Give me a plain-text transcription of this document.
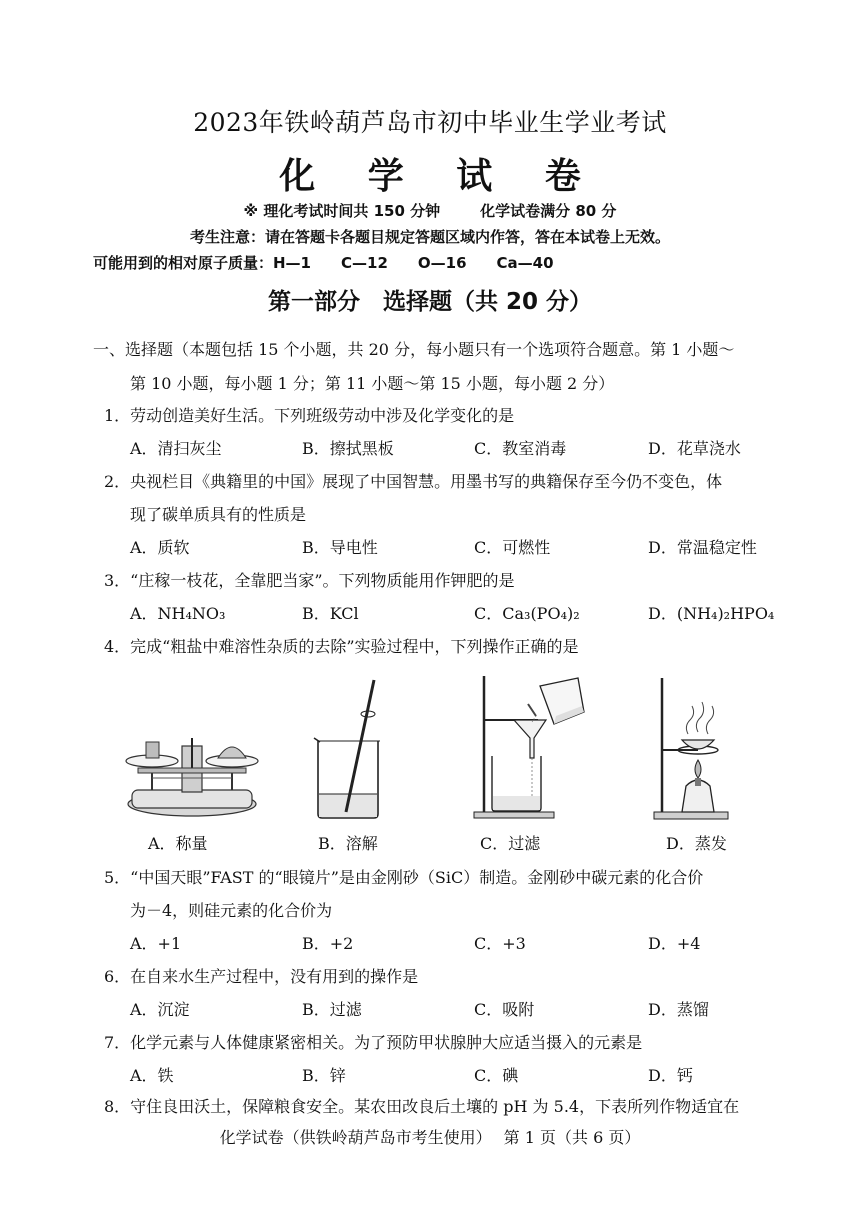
2023年铁岭葫芦岛市初中毕业生学业考试
化 学 试 卷
※ 理化考试时间共 150 分钟	化学试卷满分 80 分
考生注意：请在答题卡各题目规定答题区域内作答，答在本试卷上无效。
可能用到的相对原子质量：H—1 C—12 O—16 Ca—40
第一部分　选择题（共 20 分）
一、选择题（本题包括 15 个小题，共 20 分，每小题只有一个选项符合题意。第 1 小题～
第 10 小题，每小题 1 分；第 11 小题～第 15 小题，每小题 2 分）
1．劳动创造美好生活。下列班级劳动中涉及化学变化的是
A．清扫灰尘	B．擦拭黑板	C．教室消毒	D．花草浇水
2．央视栏目《典籍里的中国》展现了中国智慧。用墨书写的典籍保存至今仍不变色，体
现了碳单质具有的性质是
A．质软	B．导电性	C．可燃性	D．常温稳定性
3．“庄稼一枝花，全靠肥当家”。下列物质能用作钾肥的是
A．NH₄NO₃	B．KCl	C．Ca₃(PO₄)₂	D．(NH₄)₂HPO₄
4．完成“粗盐中难溶性杂质的去除”实验过程中，下列操作正确的是
A．称量	B．溶解	C．过滤	D．蒸发
5．“中国天眼”FAST 的“眼镜片”是由金刚砂（SiC）制造。金刚砂中碳元素的化合价
为－4，则硅元素的化合价为
A．+1	B．+2	C．+3	D．+4
6．在自来水生产过程中，没有用到的操作是
A．沉淀	B．过滤	C．吸附	D．蒸馏
7．化学元素与人体健康紧密相关。为了预防甲状腺肿大应适当摄入的元素是
A．铁	B．锌	C．碘	D．钙
8．守住良田沃土，保障粮食安全。某农田改良后土壤的 pH 为 5.4，下表所列作物适宜在
化学试卷（供铁岭葫芦岛市考生使用） 第 1 页（共 6 页）
